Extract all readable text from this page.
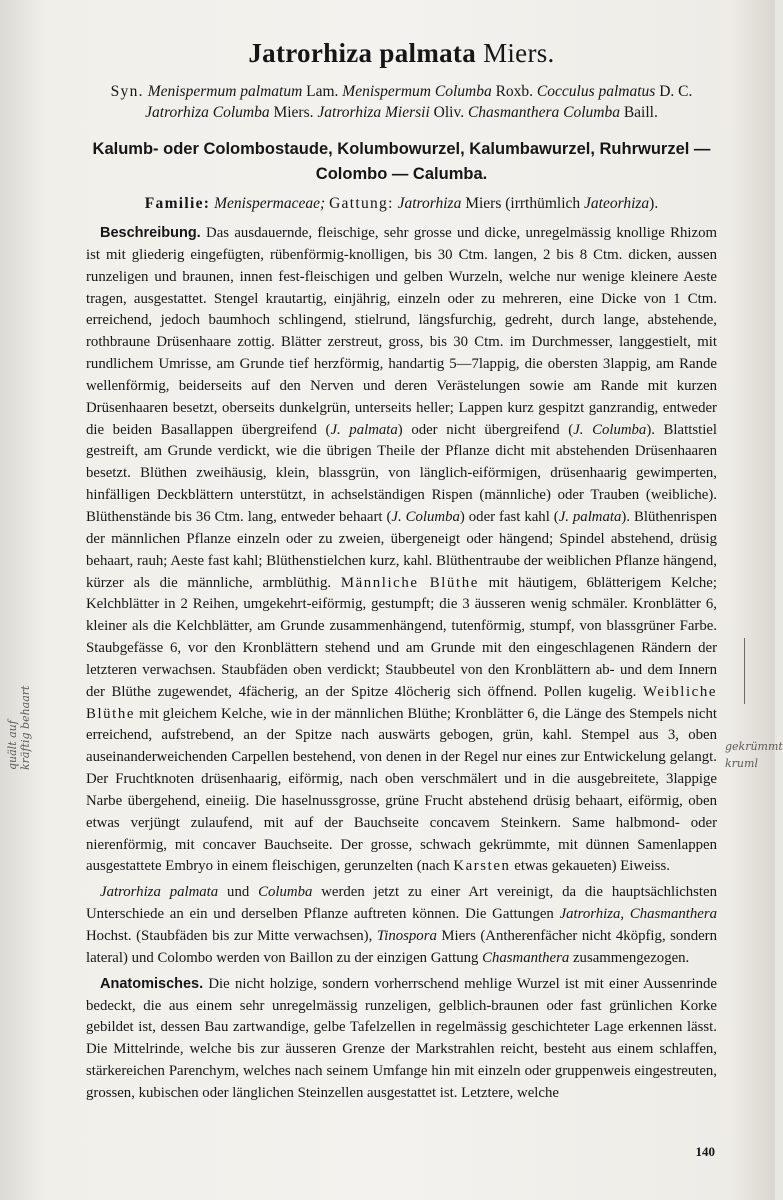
Jatrorhiza palmata Miers.

Syn. Menispermum palmatum Lam. Menispermum Columba Roxb. Cocculus palmatus D. C.
Jatrorhiza Columba Miers. Jatrorhiza Miersii Oliv. Chasmanthera Columba Baill.

Kalumb- oder Colombostaude, Kolumbowurzel, Kalumbawurzel, Ruhrwurzel —
Colombo — Calumba.

Familie: Menispermaceae; Gattung: Jatrorhiza Miers (irrthümlich Jateorhiza).

Beschreibung. Das ausdauernde, fleischige, sehr grosse und dicke, unregelmässig knollige Rhizom ist mit gliederig eingefügten, rübenförmig-knolligen, bis 30 Ctm. langen, 2 bis 8 Ctm. dicken, aussen runzeligen und braunen, innen fest-fleischigen und gelben Wurzeln, welche nur wenige kleinere Aeste tragen, ausgestattet. Stengel krautartig, einjährig, einzeln oder zu mehreren, eine Dicke von 1 Ctm. erreichend, jedoch baumhoch schlingend, stielrund, längsfurchig, gedreht, durch lange, abstehende, rothbraune Drüsenhaare zottig. Blätter zerstreut, gross, bis 30 Ctm. im Durchmesser, langgestielt, mit rundlichem Umrisse, am Grunde tief herzförmig, handartig 5—7lappig, die obersten 3lappig, am Rande wellenförmig, beiderseits auf den Nerven und deren Verästelungen sowie am Rande mit kurzen Drüsenhaaren besetzt, oberseits dunkelgrün, unterseits heller; Lappen kurz gespitzt ganzrandig, entweder die beiden Basallappen übergreifend (J. palmata) oder nicht übergreifend (J. Columba). Blattstiel gestreift, am Grunde verdickt, wie die übrigen Theile der Pflanze dicht mit abstehenden Drüsenhaaren besetzt. Blüthen zweihäusig, klein, blassgrün, von länglich-eiförmigen, drüsenhaarig gewimperten, hinfälligen Deckblättern unterstützt, in achselständigen Rispen (männliche) oder Trauben (weibliche). Blüthenstände bis 36 Ctm. lang, entweder behaart (J. Columba) oder fast kahl (J. palmata). Blüthenrispen der männlichen Pflanze einzeln oder zu zweien, übergeneigt oder hängend; Spindel abstehend, drüsig behaart, rauh; Aeste fast kahl; Blüthenstielchen kurz, kahl. Blüthentraube der weiblichen Pflanze hängend, kürzer als die männliche, armblüthig. Männliche Blüthe mit häutigem, 6blätterigem Kelche; Kelchblätter in 2 Reihen, umgekehrt-eiförmig, gestumpft; die 3 äusseren wenig schmäler. Kronblätter 6, kleiner als die Kelchblätter, am Grunde zusammenhängend, tutenförmig, stumpf, von blassgrüner Farbe. Staubgefässe 6, vor den Kronblättern stehend und am Grunde mit den eingeschlagenen Rändern der letzteren verwachsen. Staubfäden oben verdickt; Staubbeutel von den Kronblättern ab- und dem Innern der Blüthe zugewendet, 4fächerig, an der Spitze 4löcherig sich öffnend. Pollen kugelig. Weibliche Blüthe mit gleichem Kelche, wie in der männlichen Blüthe; Kronblätter 6, die Länge des Stempels nicht erreichend, aufstrebend, an der Spitze nach auswärts gebogen, grün, kahl. Stempel aus 3, oben auseinanderweichenden Carpellen bestehend, von denen in der Regel nur eines zur Entwickelung gelangt. Der Fruchtknoten drüsenhaarig, eiförmig, nach oben verschmälert und in die ausgebreitete, 3lappige Narbe übergehend, eineiig. Die haselnussgrosse, grüne Frucht abstehend drüsig behaart, eiförmig, oben etwas verjüngt zulaufend, mit auf der Bauchseite concavem Steinkern. Same halbmond- oder nierenförmig, mit concaver Bauchseite. Der grosse, schwach gekrümmte, mit dünnen Samenlappen ausgestattete Embryo in einem fleischigen, gerunzelten (nach Karsten etwas gekaueten) Eiweiss.

Jatrorhiza palmata und Columba werden jetzt zu einer Art vereinigt, da die hauptsächlichsten Unterschiede an ein und derselben Pflanze auftreten können. Die Gattungen Jatrorhiza, Chasmanthera Hochst. (Staubfäden bis zur Mitte verwachsen), Tinospora Miers (Antherenfächer nicht 4köpfig, sondern lateral) und Colombo werden von Baillon zu der einzigen Gattung Chasmanthera zusammengezogen.

Anatomisches. Die nicht holzige, sondern vorherrschend mehlige Wurzel ist mit einer Aussenrinde bedeckt, die aus einem sehr unregelmässig runzeligen, gelblich-braunen oder fast grünlichen Korke gebildet ist, dessen Bau zartwandige, gelbe Tafelzellen in regelmässig geschichteter Lage erkennen lässt. Die Mittelrinde, welche bis zur äusseren Grenze der Markstrahlen reicht, besteht aus einem schlaffen, stärkereichen Parenchym, welches nach seinem Umfange hin mit einzeln oder gruppenweis eingestreuten, grossen, kubischen oder länglichen Steinzellen ausgestattet ist. Letztere, welche

140
quält auf kräftig behaart	gekrümmt
kruml
